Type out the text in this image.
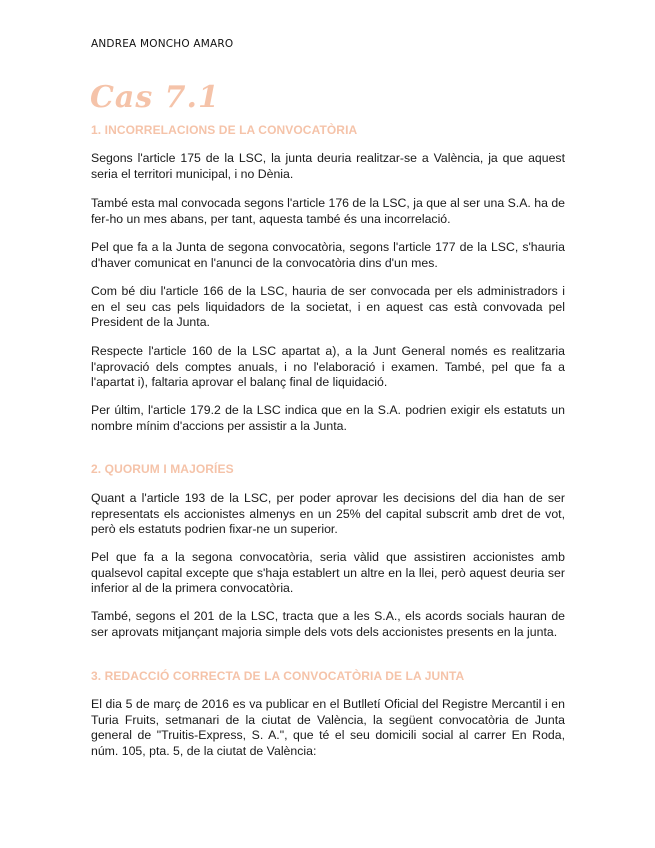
ANDREA MONCHO AMARO
Cas 7.1
1. INCORRELACIONS DE LA CONVOCATÒRIA

Segons l'article 175 de la LSC, la junta deuria realitzar-se a València, ja que aquest seria el territori municipal, i no Dènia.

També esta mal convocada segons l'article 176 de la LSC, ja que al ser una S.A. ha de fer-ho un mes abans, per tant, aquesta també és una incorrelació.

Pel que fa a la Junta de segona convocatòria, segons l'article 177 de la LSC, s'hauria d'haver comunicat en l'anunci de la convocatòria dins d'un mes.

Com bé diu l'article 166 de la LSC, hauria de ser convocada per els administradors i en el seu cas pels liquidadors de la societat, i en aquest cas està convovada pel President de la Junta.

Respecte l'article 160 de la LSC apartat a), a la Junt General només es realitzaria l'aprovació dels comptes anuals, i no l'elaboració i examen. També, pel que fa a l'apartat i), faltaria aprovar el balanç final de liquidació.

Per últim, l'article 179.2 de la LSC indica que en la S.A. podrien exigir els estatuts un nombre mínim d'accions per assistir a la Junta.

2. QUORUM I MAJORÍES

Quant a l'article 193 de la LSC, per poder aprovar les decisions del dia han de ser representats els accionistes almenys en un 25% del capital subscrit amb dret de vot, però els estatuts podrien fixar-ne un superior.

Pel que fa a la segona convocatòria, seria vàlid que assistiren accionistes amb qualsevol capital excepte que s'haja establert un altre en la llei, però aquest deuria ser inferior al de la primera convocatòria.

També, segons el 201 de la LSC, tracta que a les S.A., els acords socials hauran de ser aprovats mitjançant majoria simple dels vots dels accionistes presents en la junta.

3. REDACCIÓ CORRECTA DE LA CONVOCATÒRIA DE LA JUNTA

El dia 5 de març de 2016 es va publicar en el Butlletí Oficial del Registre Mercantil i en Turia Fruits, setmanari de la ciutat de València, la següent convocatòria de Junta general de "Truitis-Express, S. A.", que té el seu domicili social al carrer En Roda, núm. 105, pta. 5, de la ciutat de València:
